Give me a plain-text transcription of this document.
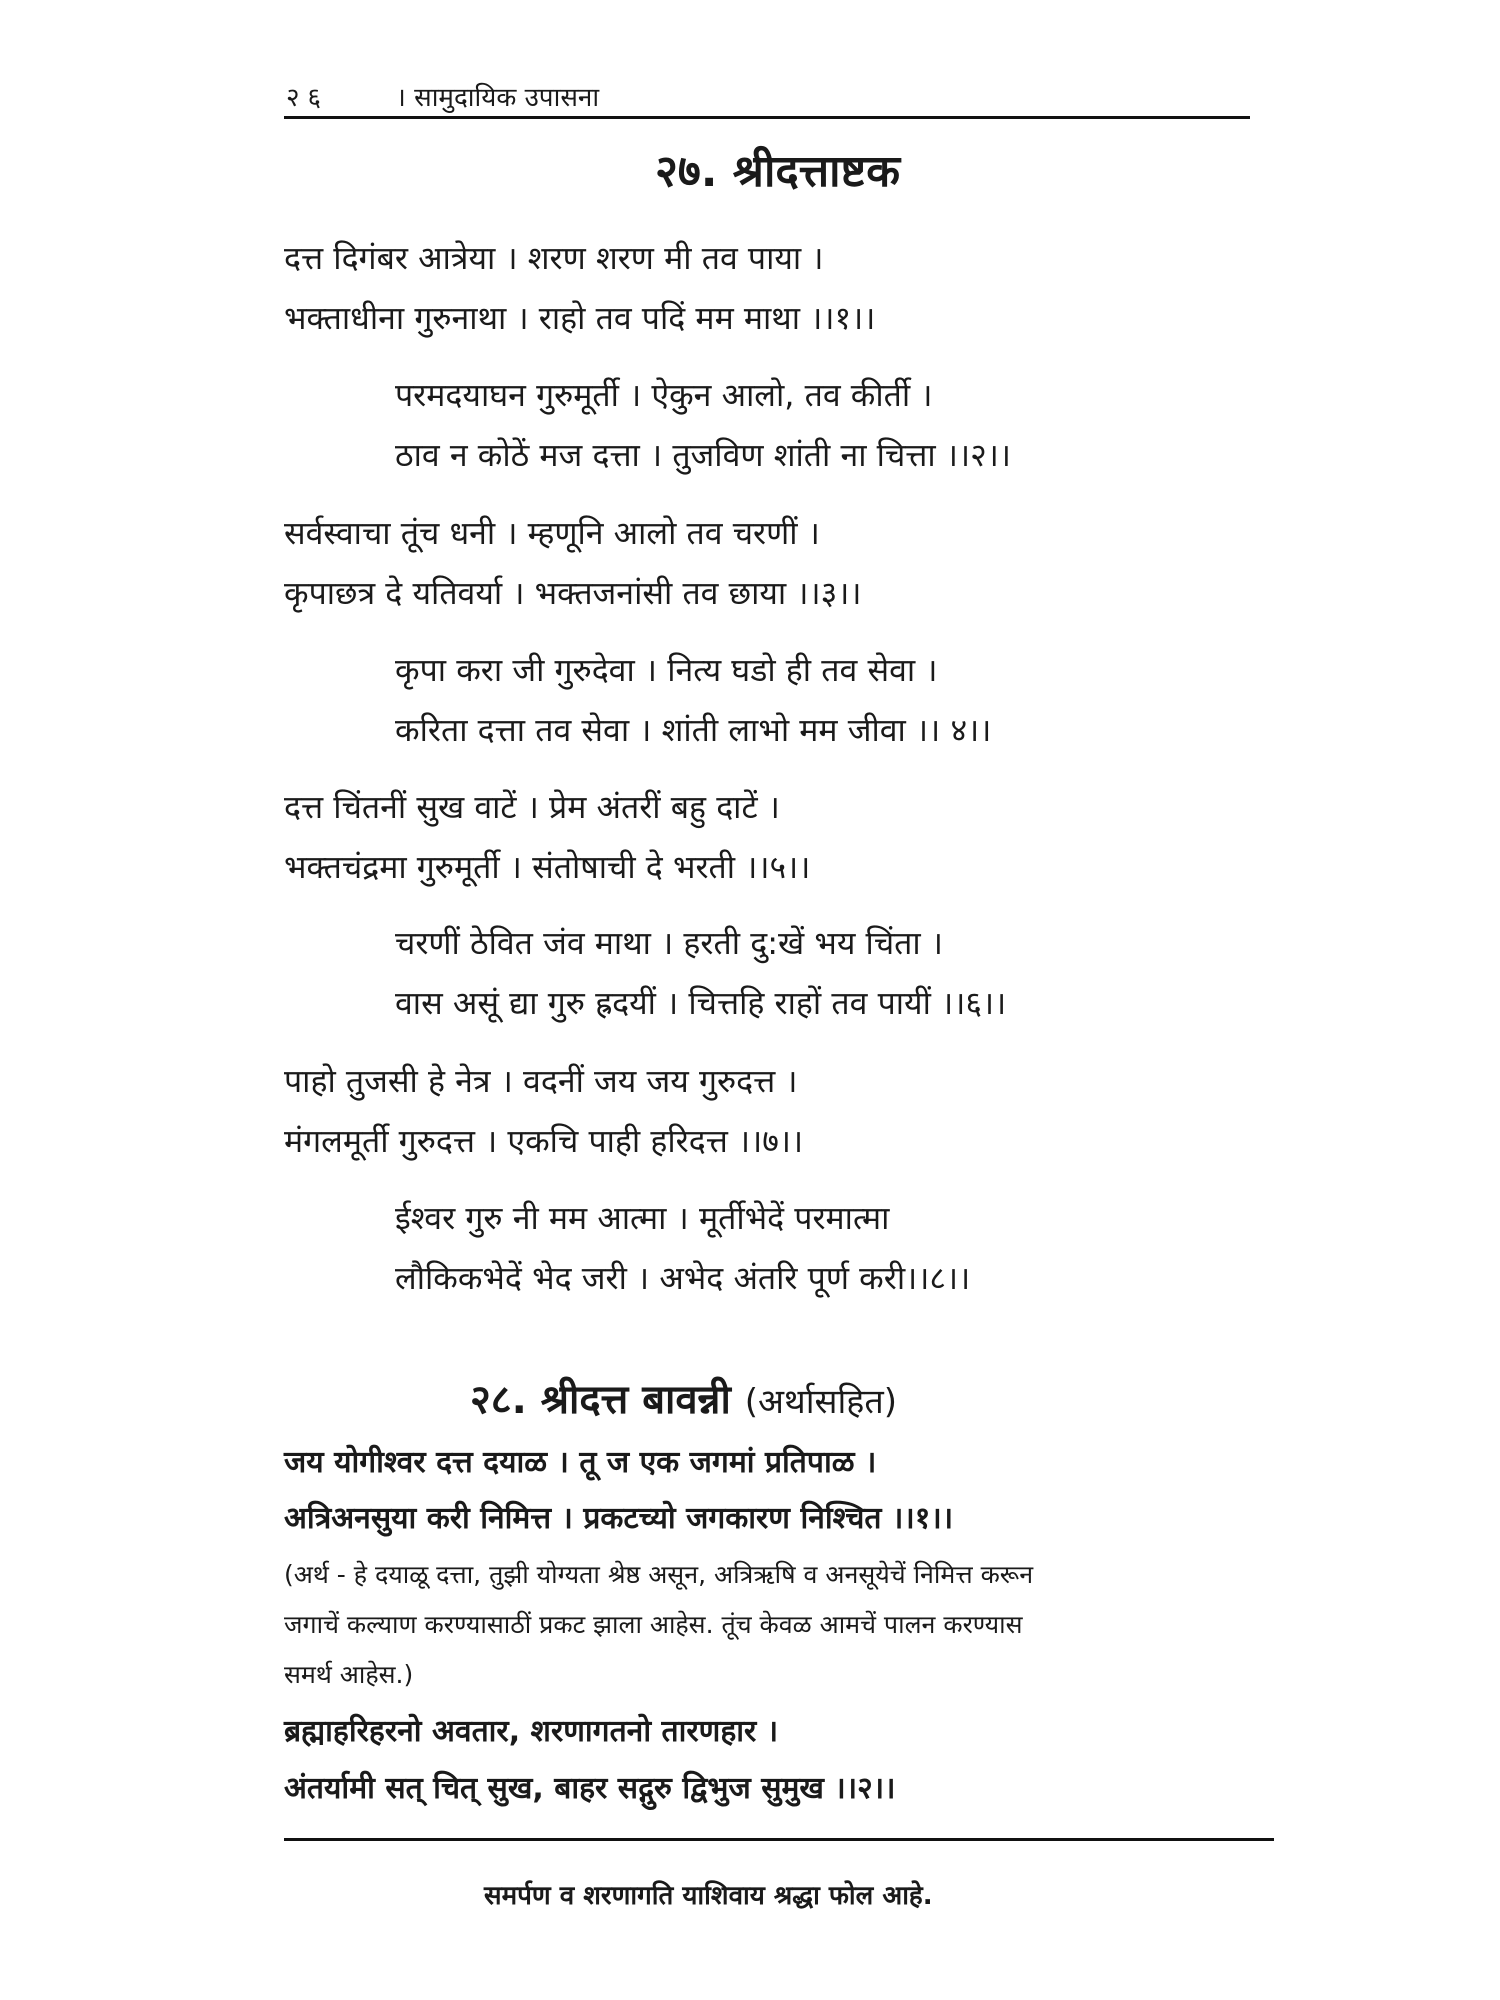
२६	। सामुदायिक उपासना
२७. श्रीदत्ताष्टक
दत्त दिगंबर आत्रेया । शरण शरण मी तव पाया ।
भक्ताधीना गुरुनाथा । राहो तव पदिं मम माथा ।।१।।
परमदयाघन गुरुमूर्ती । ऐकुन आलो, तव कीर्ती ।
ठाव न कोठें मज दत्ता । तुजविण शांती ना चित्ता ।।२।।
सर्वस्वाचा तूंच धनी । म्हणूनि आलो तव चरणीं ।
कृपाछत्र दे यतिवर्या । भक्तजनांसी तव छाया ।।३।।
कृपा करा जी गुरुदेवा । नित्य घडो ही तव सेवा ।
करिता दत्ता तव सेवा । शांती लाभो मम जीवा ।। ४।।
दत्त चिंतनीं सुख वाटें । प्रेम अंतरीं बहु दाटें ।
भक्तचंद्रमा गुरुमूर्ती । संतोषाची दे भरती ।।५।।
चरणीं ठेवित जंव माथा । हरती दु:खें भय चिंता ।
वास असूं द्या गुरु ह्रदयीं । चित्तहि राहों तव पायीं ।।६।।
पाहो तुजसी हे नेत्र । वदनीं जय जय गुरुदत्त ।
मंगलमूर्ती गुरुदत्त । एकचि पाही हरिदत्त ।।७।।
ईश्वर गुरु नी मम आत्मा । मूर्तीभेदें परमात्मा
लौकिकभेदें भेद जरी । अभेद अंतरि पूर्ण करी।।८।।
२८. श्रीदत्त बावन्नी (अर्थासहित)
जय योगीश्वर दत्त दयाळ । तू ज एक जगमां प्रतिपाळ ।
अत्रिअनसुया करी निमित्त । प्रकटच्यो जगकारण निश्चित ।।१।।
(अर्थ - हे दयाळू दत्ता, तुझी योग्यता श्रेष्ठ असून, अत्रिऋषि व अनसूयेचें निमित्त करून
जगाचें कल्याण करण्यासाठीं प्रकट झाला आहेस. तूंच केवळ आमचें पालन करण्यास
समर्थ आहेस.)
ब्रह्माहरिहरनो अवतार, शरणागतनो तारणहार ।
अंतर्यामी सत् चित् सुख, बाहर सद्गुरु द्विभुज सुमुख ।।२।।
समर्पण व शरणागति याशिवाय श्रद्धा फोल आहे.
